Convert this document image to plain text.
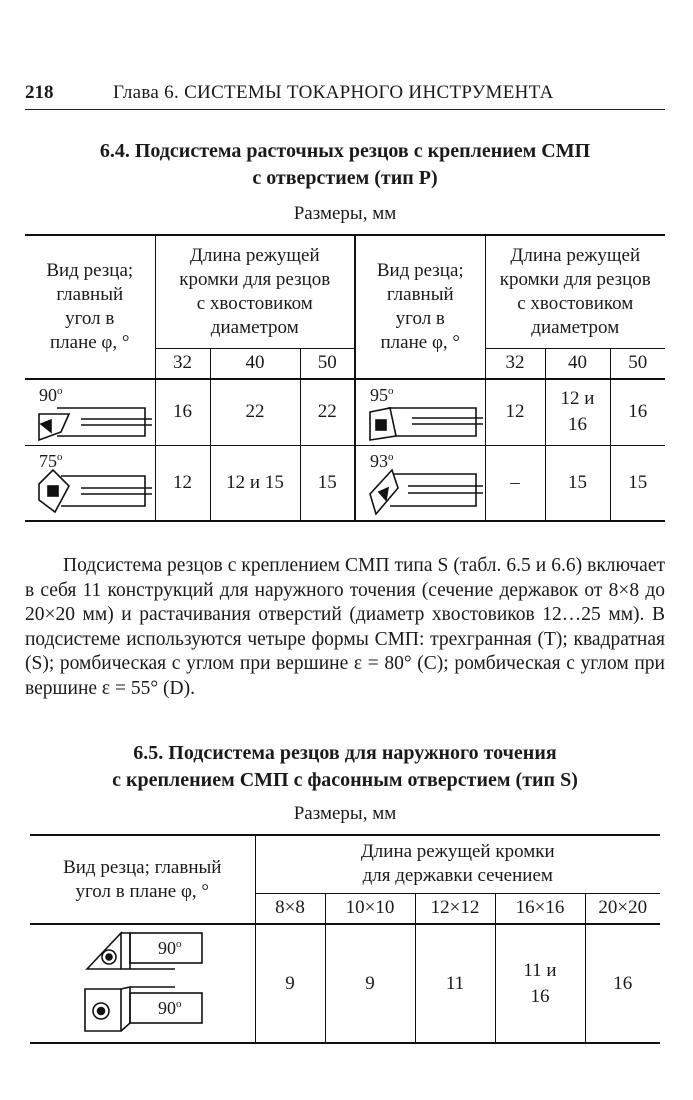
218	Глава 6. СИСТЕМЫ ТОКАРНОГО ИНСТРУМЕНТА

6.4. Подсистема расточных резцов с креплением СМП
с отверстием (тип P)

Размеры, мм
Вид резца;
главный
угол в
плане φ, °	Длина режущей
кромки для резцов
с хвостовиком
диаметром			Вид резца;
главный
угол в
плане φ, °	Длина режущей
кромки для резцов
с хвостовиком
диаметром		
	32	40	50		32	40	50

90$^o$	16	22	22	95$^o$	12	12 и 16	16

75$^o$	12	12 и 15	15	93$^o$	–	15	15

Подсистема резцов с креплением СМП типа S (табл. 6.5 и 6.6) включает в себя 11 конструкций для наружного точения (сечение державок от 8×8 до 20×20 мм) и растачивания отверстий (диаметр хвостовиков 12…25 мм). В подсистеме используются четыре формы СМП: трехгранная (T); квадратная (S); ромбическая с углом при вершине ε = 80° (C); ромбическая с углом при вершине ε = 55° (D).

6.5. Подсистема резцов для наружного точения
с креплением СМП с фасонным отверстием (тип S)

Размеры, мм
Вид резца; главный
угол в плане φ, °	Длина режущей кромки
для державки сечением				
	8×8	10×10	12×12	16×16	20×20

90$^o$
90$^o$	9	9	11	11 и 16	16
